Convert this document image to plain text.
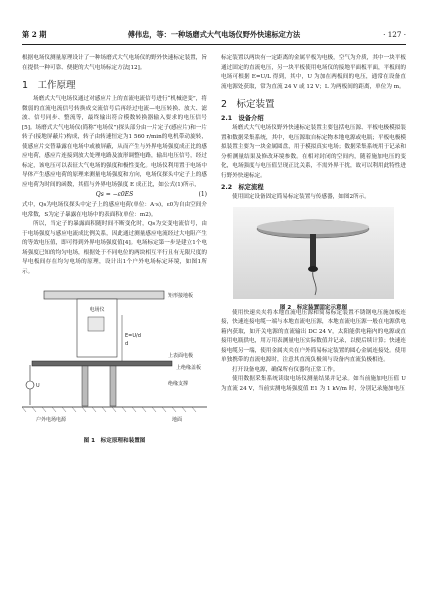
第 2 期	傅伟忠，等：一种场磨式大气电场仪野外快速标定方法	· 127 ·

根据电场仪测量原理设计了一种场磨式大气电场仪的野外快速标定装置，旨在提供一种可靠、便捷的大气电场标定方法[12]。

1　工作原理

场磨式大气电场仪通过对感应片上的直流电流信号进行“机械逆变”，将微弱的直流电流信号转换成交流信号后再经过电流—电压转换、放大、滤波、信号同步、整流等，最终输出符合模数转换器输入要求的电压信号[5]。场磨式大气电场仪(简称“电场仪”)探头部分由一片定子(感应片)和一片转子(接地屏蔽片)构成，转子由转速恒定为1 560 r/min的电机带动旋转，使感应片交替暴露在电场中或被屏蔽，从而产生与外界电场强度成正比的感应电荷，感应片连接到放大处理电路及波形调整电路，输出电压信号，经过标定，该电压可以表征大气电场的强度和极性变化。电场仪利用置于电场中导体产生感应电荷的原理来测量电场强度和方向，电场仪探头中定子上的感应电荷为时间的函数，其值与外界电场强度 E 成正比，如公式(1)所示，

Qs = −ε0ES	(1)

式中，Qs为电场仪探头中定子上的感应电荷(单位：A·s)，ε0为自由空间介电常数，S为定子暴露在电场中的表面积(单位：m2)。

所以，当定子的暴露面积随时间不断变化时，Qs为交变电流信号，由于电场强度与感应电流成比例关系，因此通过测量感应电流经过大电阻产生的等效电压值，即可得到外界电场强度值[4]。电场标定第一步是建立1个电场强度已知的均匀电场，根据处于不同电位的两块相互平行且有无限尺度的导电板间存在均匀电场的原理，设计出1个户外电场标定环境，如图1所示。

矩形接地板
电场仪
E=U/d
d
上表面电极
上绝缘盖板
绝缘支撑
U
地面
户外电场电源
图 1　标定原理和装置图

标定装置以两块有一定距离的金属平板为电极，空气为介质，其中一块平板通过固定的直流电压，另一块平板使用电场仪的接地平面板平面，平板间的电场可根据 E=U/L 得到，其中，U 为加在两板间的电压，通常在设备直流电源处获取，常为直流 24 V 或 12 V；L 为两板间的距离，单位为 m。

2　标定装置
2.1　设备介绍

场磨式大气电场仪野外快速标定装置主要包括电压源、平板电极模拟装置和数据采集系统，其中，电压源取自标定物本地电源或电瓶；平板电极模拟装置主要为一块金属圆盘，用于模拟真实电场；数据采集系统用于记录和分析测量结果及修改环境参数。在相对封闭的空间内，随着施加电压的变化，电场强度与电压值呈现正比关系，不需外界干扰，故可以利用此特性进行野外快速标定。

2.2　标定流程

使用固定设备固定简易标定装置与传感器，如图2所示。

图 2　标定装置固定示意图

使用快速夹夹将本地直流电压源和简易标定装置不锈钢电压施加板连接，快速连接电缆一端与本地直流电压源，本地直流电压源一般在电源供电箱内获取，如开关电源的直流输出 DC 24 V，太阳能供电箱内的电源或直接用电瓶供电，用万用表测量电压实际数值并记录，以便后续计算；快速连接电缆另一端，使用金属夹夹在户外简易标定装置的圆心金属连接处。使用单独携带的直流电源时，注意其直流负极须与设备内直流负极相连。

打开设备电源，确保所有仪器均正常工作。

使用数据采集系统读取电场仪测量结果并记录。如当前施加电压值 U 为直流 24 V，当前实测电场强度值 E1 为 1 kV/m 时，分别记录施加电压
